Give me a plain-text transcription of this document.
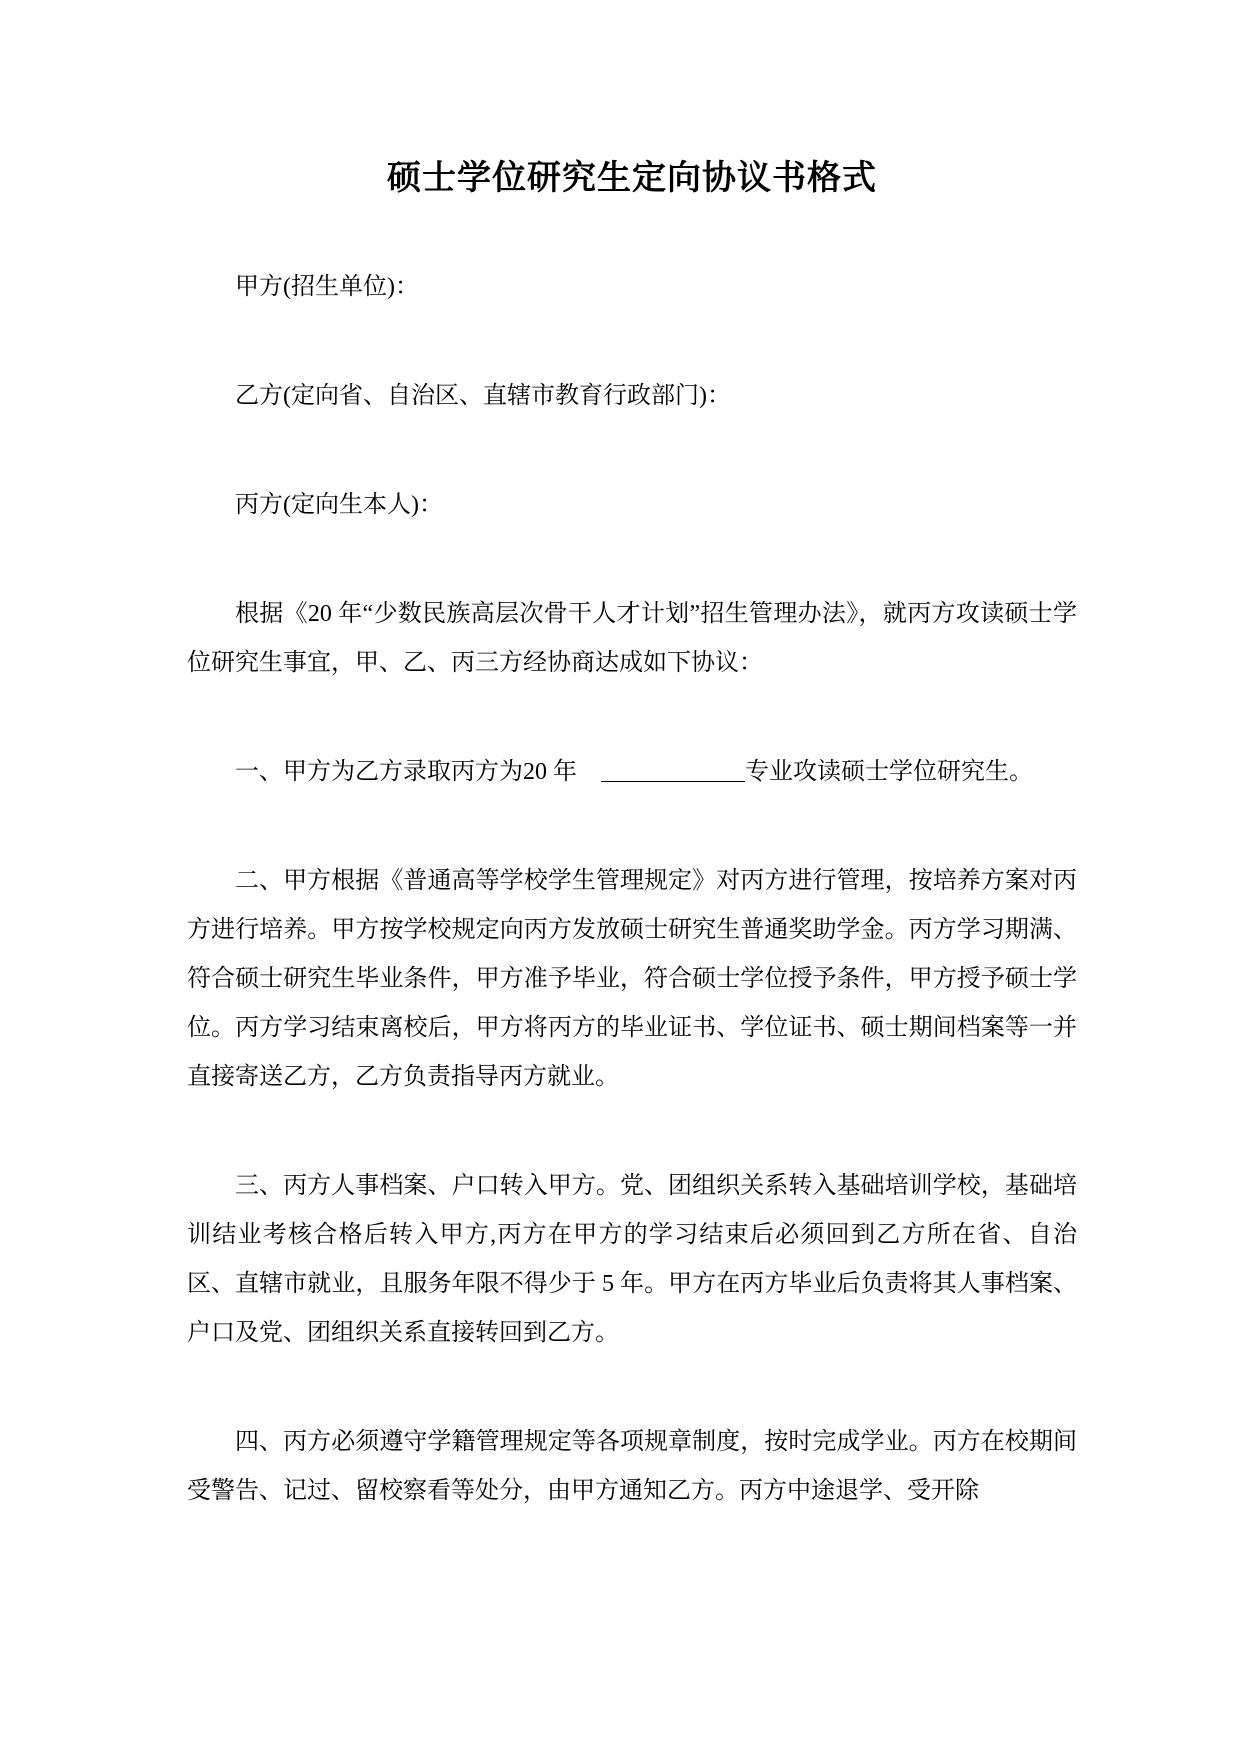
硕士学位研究生定向协议书格式

甲方(招生单位)：

乙方(定向省、自治区、直辖市教育行政部门)：

丙方(定向生本人)：

根据《20 年“少数民族高层次骨干人才计划”招生管理办法》，就丙方攻读硕士学位研究生事宜，甲、乙、丙三方经协商达成如下协议：

一、甲方为乙方录取丙方为20 年　＿＿＿＿＿＿专业攻读硕士学位研究生。

二、甲方根据《普通高等学校学生管理规定》对丙方进行管理，按培养方案对丙方进行培养。甲方按学校规定向丙方发放硕士研究生普通奖助学金。丙方学习期满、符合硕士研究生毕业条件，甲方准予毕业，符合硕士学位授予条件，甲方授予硕士学位。丙方学习结束离校后，甲方将丙方的毕业证书、学位证书、硕士期间档案等一并直接寄送乙方，乙方负责指导丙方就业。

三、丙方人事档案、户口转入甲方。党、团组织关系转入基础培训学校，基础培训结业考核合格后转入甲方,丙方在甲方的学习结束后必须回到乙方所在省、自治区、直辖市就业，且服务年限不得少于 5 年。甲方在丙方毕业后负责将其人事档案、户口及党、团组织关系直接转回到乙方。

四、丙方必须遵守学籍管理规定等各项规章制度，按时完成学业。丙方在校期间受警告、记过、留校察看等处分，由甲方通知乙方。丙方中途退学、受开除
